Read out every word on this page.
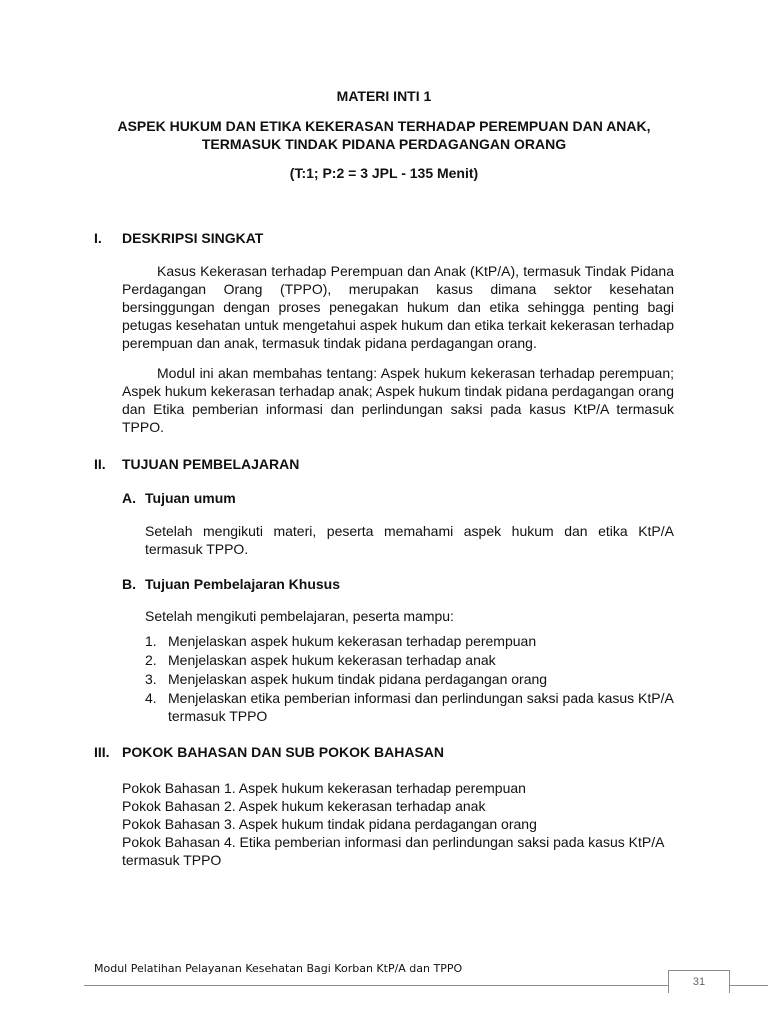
MATERI INTI 1
ASPEK HUKUM DAN ETIKA KEKERASAN TERHADAP PEREMPUAN DAN ANAK,
TERMASUK TINDAK PIDANA PERDAGANGAN ORANG
(T:1; P:2 = 3 JPL - 135 Menit)
I. DESKRIPSI SINGKAT
Kasus Kekerasan terhadap Perempuan dan Anak (KtP/A), termasuk Tindak Pidana Perdagangan Orang (TPPO), merupakan kasus dimana sektor kesehatan bersinggungan dengan proses penegakan hukum dan etika sehingga penting bagi petugas kesehatan untuk mengetahui aspek hukum dan etika terkait kekerasan terhadap perempuan dan anak, termasuk tindak pidana perdagangan orang.
Modul ini akan membahas tentang: Aspek hukum kekerasan terhadap perempuan; Aspek hukum kekerasan terhadap anak; Aspek hukum tindak pidana perdagangan orang dan Etika pemberian informasi dan perlindungan saksi pada kasus KtP/A termasuk TPPO.
II. TUJUAN PEMBELAJARAN
A. Tujuan umum
Setelah mengikuti materi, peserta memahami aspek hukum dan etika KtP/A termasuk TPPO.
B. Tujuan Pembelajaran Khusus
Setelah mengikuti pembelajaran, peserta mampu:
1. Menjelaskan aspek hukum kekerasan terhadap perempuan
2. Menjelaskan aspek hukum kekerasan terhadap anak
3. Menjelaskan aspek hukum tindak pidana perdagangan orang
4. Menjelaskan etika pemberian informasi dan perlindungan saksi pada kasus KtP/A termasuk TPPO
III. POKOK BAHASAN DAN SUB POKOK BAHASAN
Pokok Bahasan 1. Aspek hukum kekerasan terhadap perempuan
Pokok Bahasan 2. Aspek hukum kekerasan terhadap anak
Pokok Bahasan 3. Aspek hukum tindak pidana perdagangan orang
Pokok Bahasan 4. Etika pemberian informasi dan perlindungan saksi pada kasus KtP/A termasuk TPPO
Modul Pelatihan Pelayanan Kesehatan Bagi Korban KtP/A dan TPPO
31
